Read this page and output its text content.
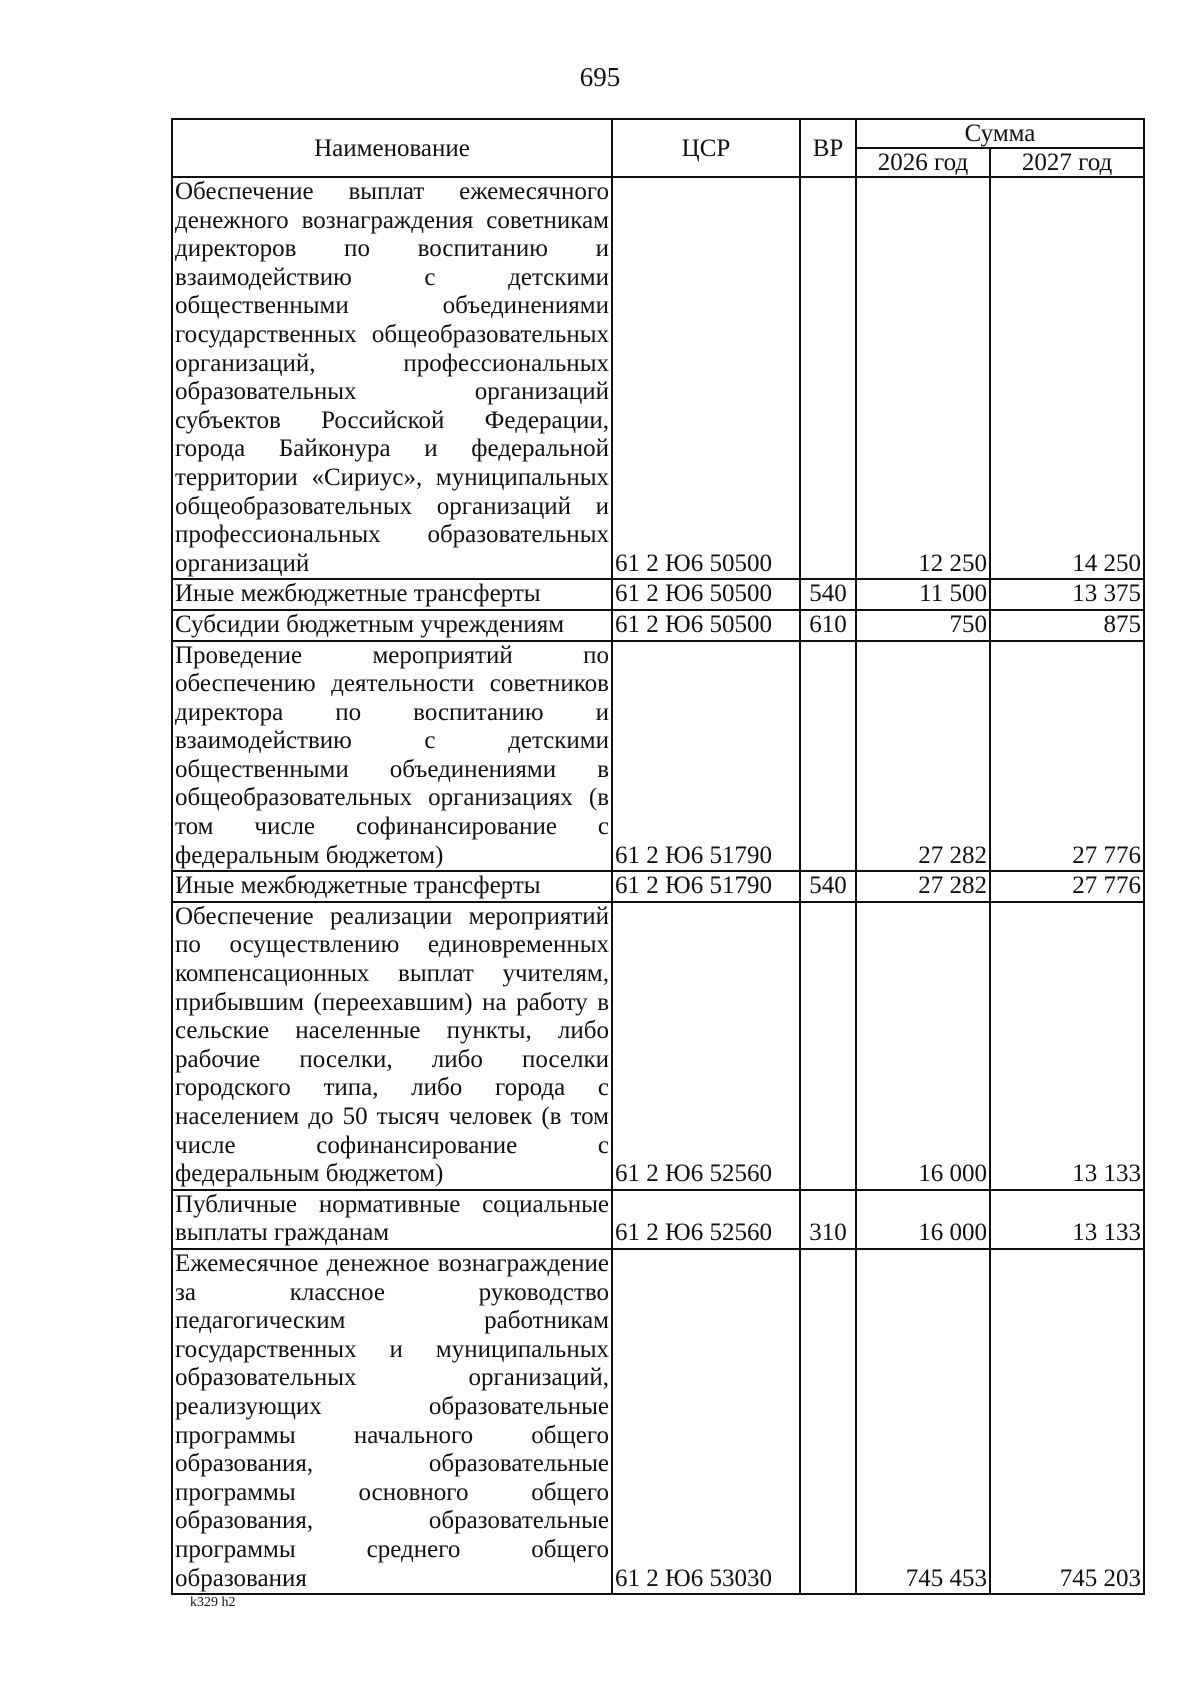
695
Наименование	ЦСР	ВР	Сумма	
			2026 год	2027 год
Обеспечение выплат ежемесячного денежного вознаграждения советникам директоров по воспитанию и взаимодействию с детскими общественными объединениями государственных общеобразовательных организаций, профессиональных образовательных организаций субъектов Российской Федерации, города Байконура и федеральной территории «Сириус», муниципальных общеобразовательных организаций и профессиональных образовательных организаций	61 2 Ю6 50500		12 250	14 250
Иные межбюджетные трансферты	61 2 Ю6 50500	540	11 500	13 375
Субсидии бюджетным учреждениям	61 2 Ю6 50500	610	750	875
Проведение мероприятий по обеспечению деятельности советников директора по воспитанию и взаимодействию с детскими общественными объединениями в общеобразовательных организациях (в том числе софинансирование с федеральным бюджетом)	61 2 Ю6 51790		27 282	27 776
Иные межбюджетные трансферты	61 2 Ю6 51790	540	27 282	27 776
Обеспечение реализации мероприятий по осуществлению единовременных компенсационных выплат учителям, прибывшим (переехавшим) на работу в сельские населенные пункты, либо рабочие поселки, либо поселки городского типа, либо города с населением до 50 тысяч человек (в том числе софинансирование с федеральным бюджетом)	61 2 Ю6 52560		16 000	13 133
Публичные нормативные социальные выплаты гражданам	61 2 Ю6 52560	310	16 000	13 133
Ежемесячное денежное вознаграждение за классное руководство педагогическим работникам государственных и муниципальных образовательных организаций, реализующих образовательные программы начального общего образования, образовательные программы основного общего образования, образовательные программы среднего общего образования	61 2 Ю6 53030		745 453	745 203
k329 h2
